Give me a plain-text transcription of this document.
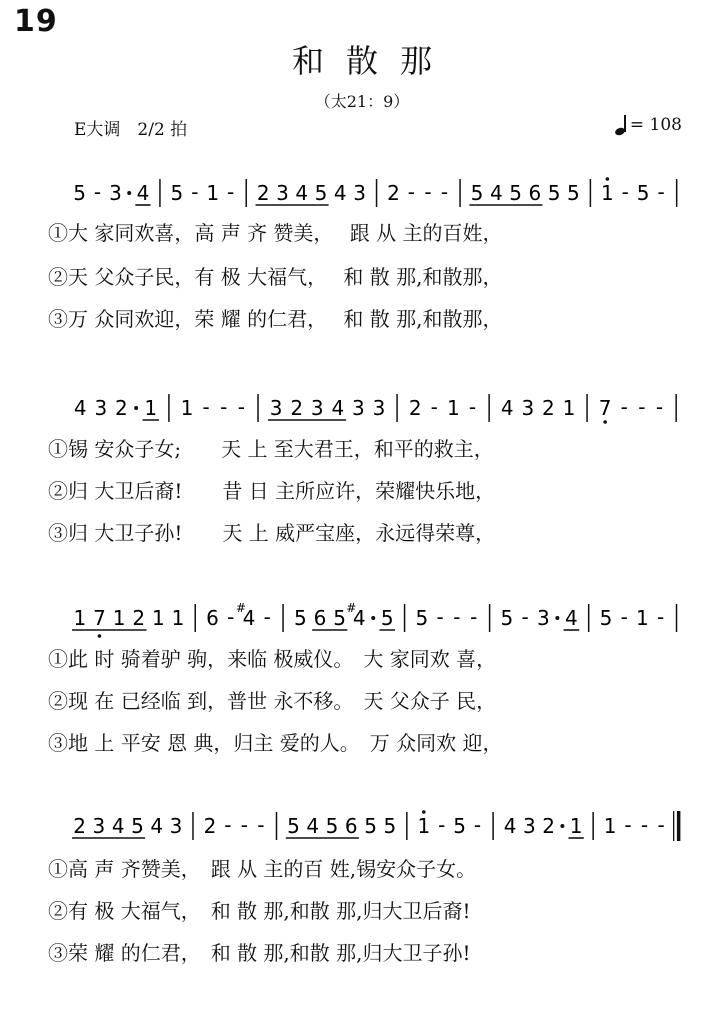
19
和散那
（太21：9）
E大调　2/2 拍	= 108
5 - 3 4 5 - 1 - 2 3 4 5 4 3 2 - - - 5 4 5 6 5 5 1 - 5 -
4 3 2 1 1 - - - 3 2 3 4 3 3 2 - 1 - 4 3 2 1 7 - - -
1 7 1 2 1 1 6 - 4
# - 5 6 5 4
# 5 5 - - - 5 - 3 4 5 - 1 -
2 3 4 5 4 3 2 - - - 5 4 5 6 5 5 1 - 5 - 4 3 2 1 1 - - -
①大 家同欢喜，高 声 齐 赞美，　 跟 从 主的百姓，
②天 父众子民，有 极 大福气，　 和 散 那,和散那，
③万 众同欢迎，荣 耀 的仁君，　 和 散 那,和散那，
①锡 安众子女;　　天 上 至大君王，和平的救主，
②归 大卫后裔!　　昔 日 主所应许，荣耀快乐地，
③归 大卫子孙!　　天 上 威严宝座，永远得荣尊，
①此 时 骑着驴 驹，来临 极威仪。　大 家同欢 喜，
②现 在 已经临 到，普世 永不移。　天 父众子 民，
③地 上 平安 恩 典，归主 爱的人。　万 众同欢 迎，
①高 声 齐赞美，　跟 从 主的百 姓,锡安众子女。
②有 极 大福气，　和 散 那,和散 那,归大卫后裔!
③荣 耀 的仁君，　和 散 那,和散 那,归大卫子孙!
